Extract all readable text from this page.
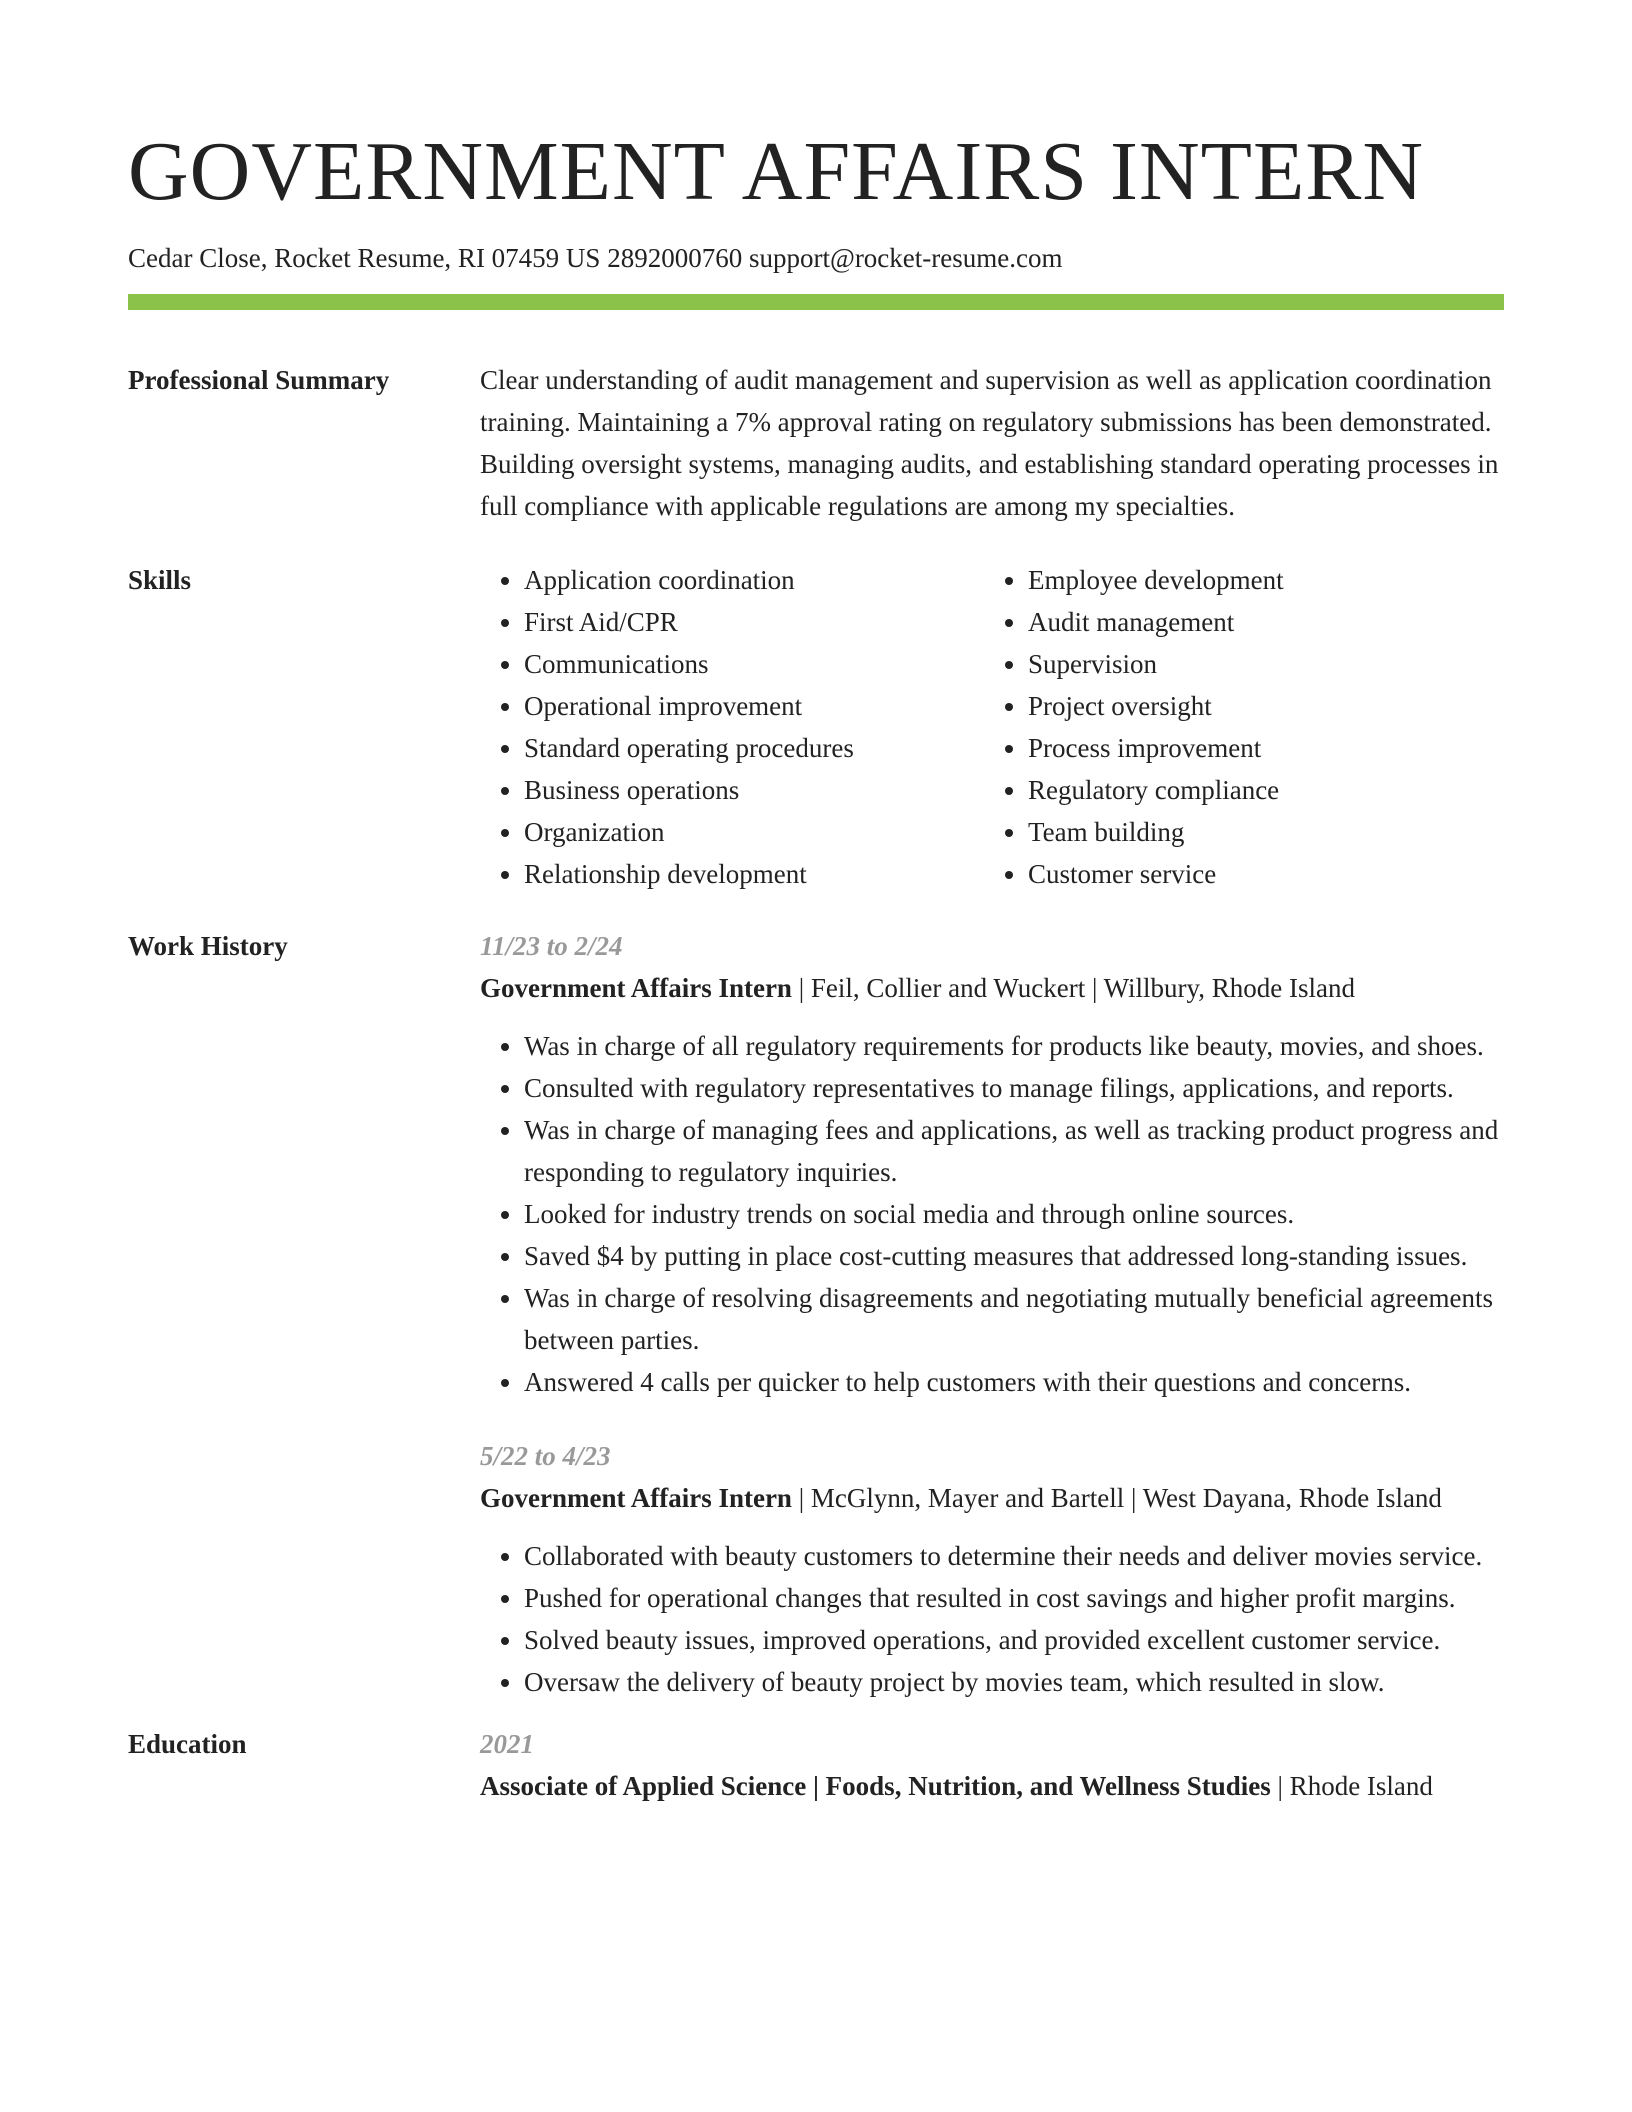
GOVERNMENT AFFAIRS INTERN
Cedar Close, Rocket Resume, RI 07459 US 2892000760 support@rocket-resume.com
Professional Summary	Clear understanding of audit management and supervision as well as application coordination training. Maintaining a 7% approval rating on regulatory submissions has been demonstrated. Building oversight systems, managing audits, and establishing standard operating processes in full compliance with applicable regulations are among my specialties.

Skills
•	Application coordination
• First Aid/CPR
• Communications
• Operational improvement
• Standard operating procedures
• Business operations
• Organization
• Relationship development
• Employee development
• Audit management
• Supervision
• Project oversight
• Process improvement
• Regulatory compliance
• Team building
• Customer service
Work History	11/23 to 2/24
Government Affairs Intern | Feil, Collier and Wuckert | Willbury, Rhode Island
• Was in charge of all regulatory requirements for products like beauty, movies, and shoes.
• Consulted with regulatory representatives to manage filings, applications, and reports.
• Was in charge of managing fees and applications, as well as tracking product progress and responding to regulatory inquiries.
• Looked for industry trends on social media and through online sources.
• Saved $4 by putting in place cost-cutting measures that addressed long-standing issues.
• Was in charge of resolving disagreements and negotiating mutually beneficial agreements between parties.
• Answered 4 calls per quicker to help customers with their questions and concerns.
5/22 to 4/23
Government Affairs Intern | McGlynn, Mayer and Bartell | West Dayana, Rhode Island
• Collaborated with beauty customers to determine their needs and deliver movies service.
• Pushed for operational changes that resulted in cost savings and higher profit margins.
• Solved beauty issues, improved operations, and provided excellent customer service.
• Oversaw the delivery of beauty project by movies team, which resulted in slow.
Education	2021
Associate of Applied Science | Foods, Nutrition, and Wellness Studies | Rhode Island
